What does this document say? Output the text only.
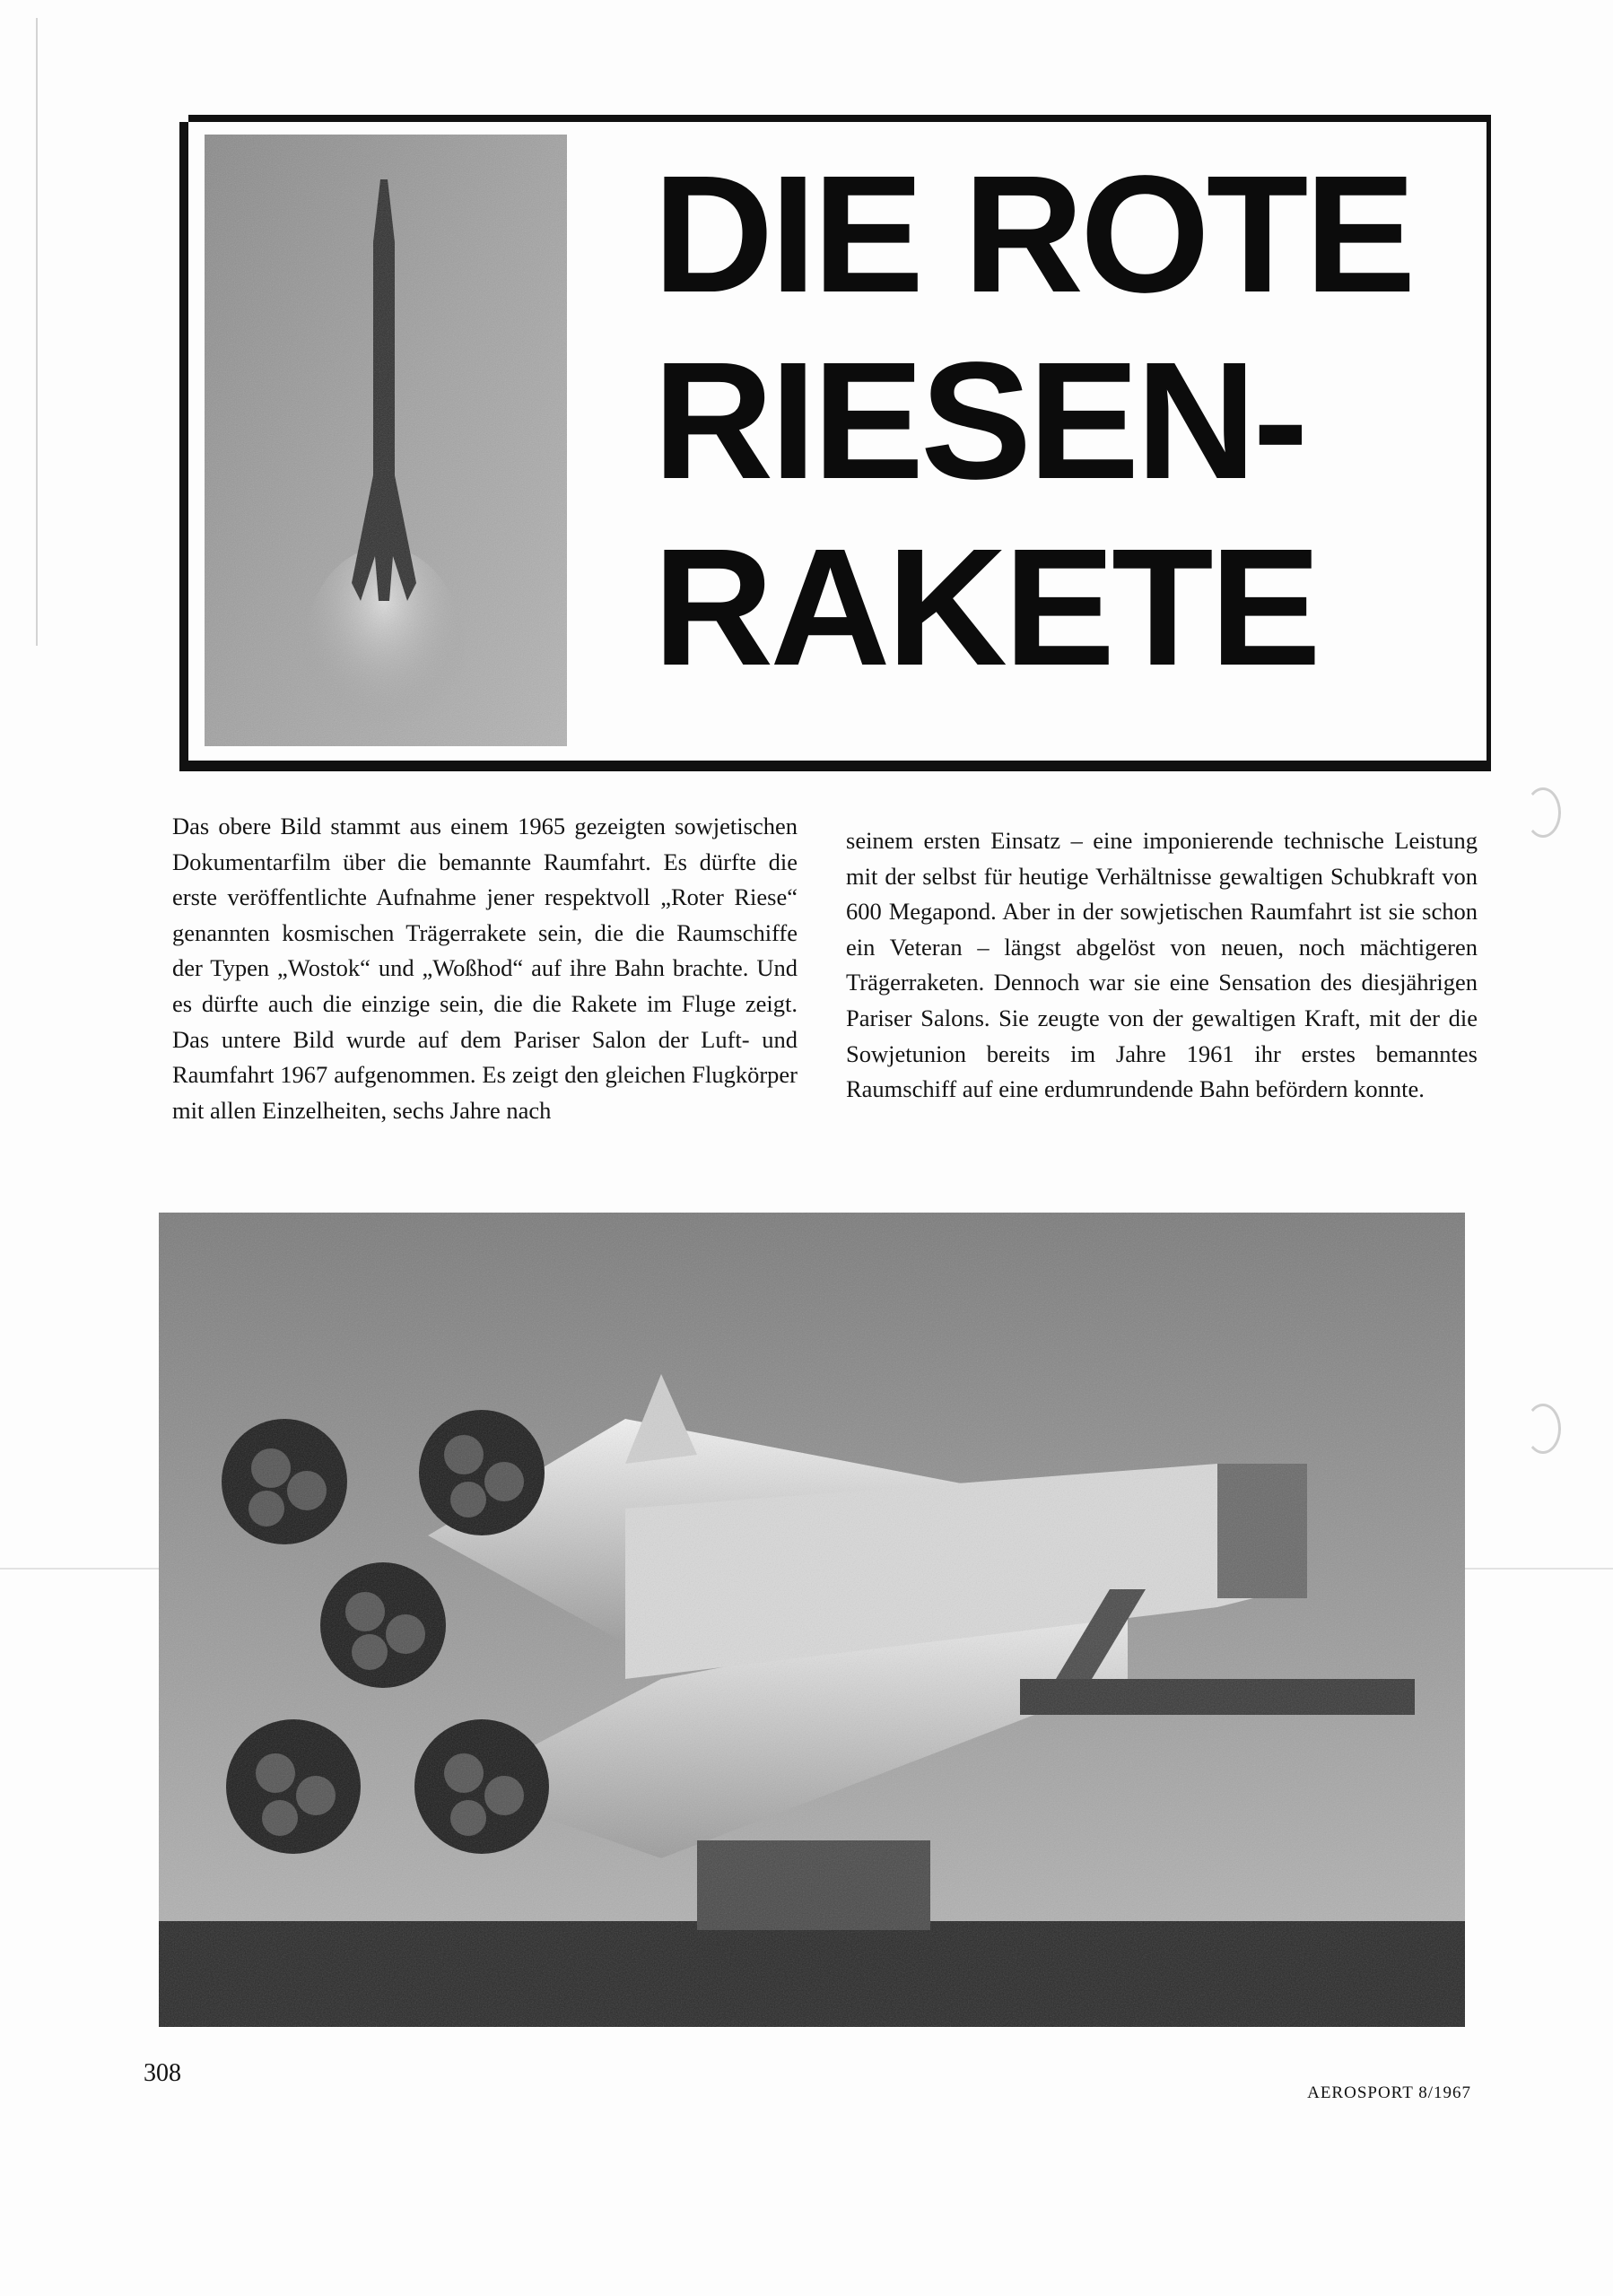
DIE ROTE
RIESEN-
RAKETE

Das obere Bild stammt aus einem 1965 gezeigten sowjetischen Dokumentarfilm über die bemannte Raumfahrt. Es dürfte die erste veröffentlichte Aufnahme jener respektvoll „Roter Riese“ genannten kosmischen Trägerrakete sein, die die Raumschiffe der Typen „Wostok“ und „Woßhod“ auf ihre Bahn brachte. Und es dürfte auch die einzige sein, die die Rakete im Fluge zeigt. Das untere Bild wurde auf dem Pariser Salon der Luft- und Raumfahrt 1967 aufgenommen. Es zeigt den gleichen Flugkörper mit allen Einzelheiten, sechs Jahre nach

seinem ersten Einsatz – eine imponierende technische Leistung mit der selbst für heutige Verhältnisse gewaltigen Schubkraft von 600 Megapond. Aber in der sowjetischen Raumfahrt ist sie schon ein Veteran – längst abgelöst von neuen, noch mächtigeren Trägerraketen. Dennoch war sie eine Sensation des diesjährigen Pariser Salons. Sie zeugte von der gewaltigen Kraft, mit der die Sowjetunion bereits im Jahre 1961 ihr erstes bemanntes Raumschiff auf eine erdumrundende Bahn befördern konnte.

308
AEROSPORT 8/1967
